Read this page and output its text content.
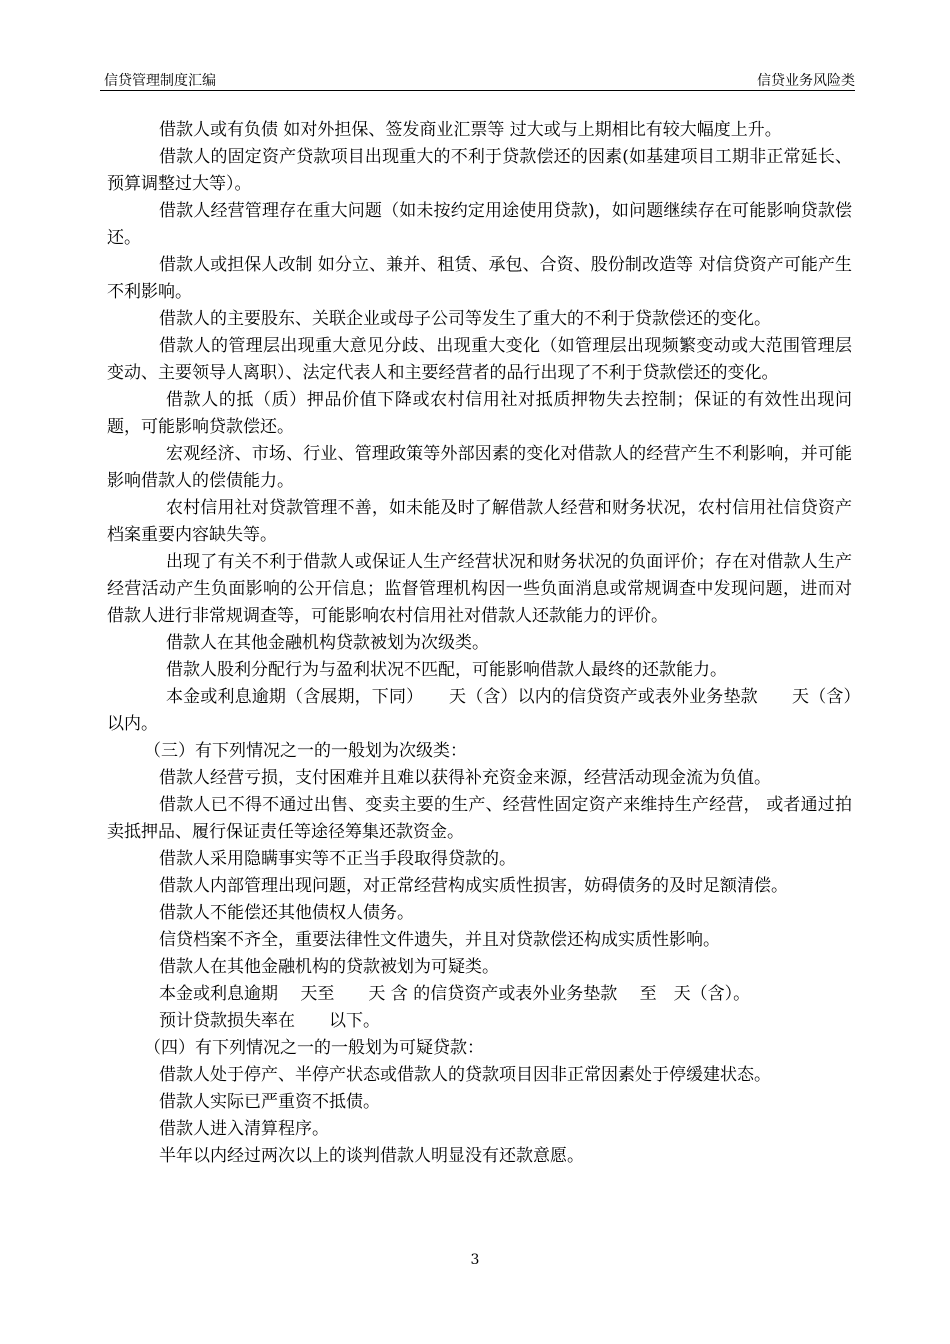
信贷管理制度汇编	信贷业务风险类

借款人或有负债 如对外担保、签发商业汇票等 过大或与上期相比有较大幅度上升。

借款人的固定资产贷款项目出现重大的不利于贷款偿还的因素(如基建项目工期非正常延长、预算调整过大等）。

借款人经营管理存在重大问题（如未按约定用途使用贷款)，如问题继续存在可能影响贷款偿还。

借款人或担保人改制 如分立、兼并、租赁、承包、合资、股份制改造等 对信贷资产可能产生不利影响。

借款人的主要股东、关联企业或母子公司等发生了重大的不利于贷款偿还的变化。

借款人的管理层出现重大意见分歧、出现重大变化（如管理层出现频繁变动或大范围管理层变动、主要领导人离职）、法定代表人和主要经营者的品行出现了不利于贷款偿还的变化。

借款人的抵（质）押品价值下降或农村信用社对抵质押物失去控制；保证的有效性出现问题，可能影响贷款偿还。

宏观经济、市场、行业、管理政策等外部因素的变化对借款人的经营产生不利影响，并可能影响借款人的偿债能力。

农村信用社对贷款管理不善，如未能及时了解借款人经营和财务状况，农村信用社信贷资产档案重要内容缺失等。

出现了有关不利于借款人或保证人生产经营状况和财务状况的负面评价；存在对借款人生产经营活动产生负面影响的公开信息；监督管理机构因一些负面消息或常规调查中发现问题，进而对借款人进行非常规调查等，可能影响农村信用社对借款人还款能力的评价。

借款人在其他金融机构贷款被划为次级类。

借款人股利分配行为与盈利状况不匹配，可能影响借款人最终的还款能力。

本金或利息逾期（含展期，下同）　　天（含）以内的信贷资产或表外业务垫款　　天（含）以内。

（三）有下列情况之一的一般划为次级类：

借款人经营亏损，支付困难并且难以获得补充资金来源，经营活动现金流为负值。

借款人已不得不通过出售、变卖主要的生产、经营性固定资产来维持生产经营， 或者通过拍卖抵押品、履行保证责任等途径筹集还款资金。

借款人采用隐瞒事实等不正当手段取得贷款的。

借款人内部管理出现问题，对正常经营构成实质性损害，妨碍债务的及时足额清偿。

借款人不能偿还其他债权人债务。

信贷档案不齐全，重要法律性文件遗失，并且对贷款偿还构成实质性影响。

借款人在其他金融机构的贷款被划为可疑类。

本金或利息逾期　 天至　　天 含 的信贷资产或表外业务垫款　 至　天（含）。

预计贷款损失率在　　以下。

（四）有下列情况之一的一般划为可疑贷款：

借款人处于停产、半停产状态或借款人的贷款项目因非正常因素处于停缓建状态。

借款人实际已严重资不抵债。

借款人进入清算程序。

半年以内经过两次以上的谈判借款人明显没有还款意愿。

3
